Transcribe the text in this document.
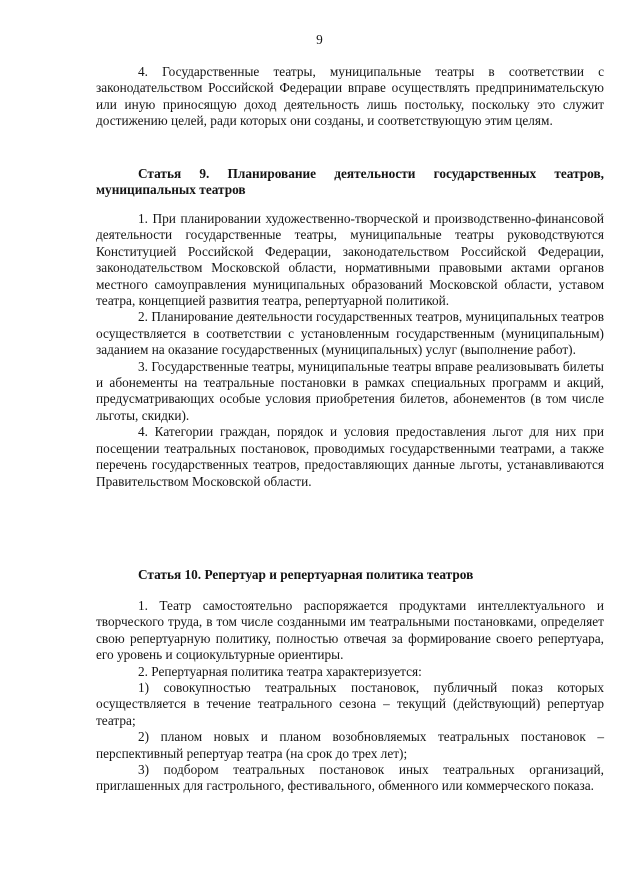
9

4. Государственные театры, муниципальные театры в соответствии с законодательством Российской Федерации вправе осуществлять предпринимательскую или иную приносящую доход деятельность лишь постольку, поскольку это служит достижению целей, ради которых они созданы, и соответствующую этим целям.

Статья 9. Планирование деятельности государственных театров, муниципальных театров

1. При планировании художественно-творческой и производственно-финансовой деятельности государственные театры, муниципальные театры руководствуются Конституцией Российской Федерации, законодательством Российской Федерации, законодательством Московской области, нормативными правовыми актами органов местного самоуправления муниципальных образований Московской области, уставом театра, концепцией развития театра, репертуарной политикой.

2. Планирование деятельности государственных театров, муниципальных театров осуществляется в соответствии с установленным государственным (муниципальным) заданием на оказание государственных (муниципальных) услуг (выполнение работ).

3. Государственные театры, муниципальные театры вправе реализовывать билеты и абонементы на театральные постановки в рамках специальных программ и акций, предусматривающих особые условия приобретения билетов, абонементов (в том числе льготы, скидки).

4. Категории граждан, порядок и условия предоставления льгот для них при посещении театральных постановок, проводимых государственными театрами, а также перечень государственных театров, предоставляющих данные льготы, устанавливаются Правительством Московской области.

Статья 10. Репертуар и репертуарная политика театров

1. Театр самостоятельно распоряжается продуктами интеллектуального и творческого труда, в том числе созданными им театральными постановками, определяет свою репертуарную политику, полностью отвечая за формирование своего репертуара, его уровень и социокультурные ориентиры.

2. Репертуарная политика театра характеризуется:

1) совокупностью театральных постановок, публичный показ которых осуществляется в течение театрального сезона – текущий (действующий) репертуар театра;

2) планом новых и планом возобновляемых театральных постановок – перспективный репертуар театра (на срок до трех лет);

3) подбором театральных постановок иных театральных организаций, приглашенных для гастрольного, фестивального, обменного или коммерческого показа.
